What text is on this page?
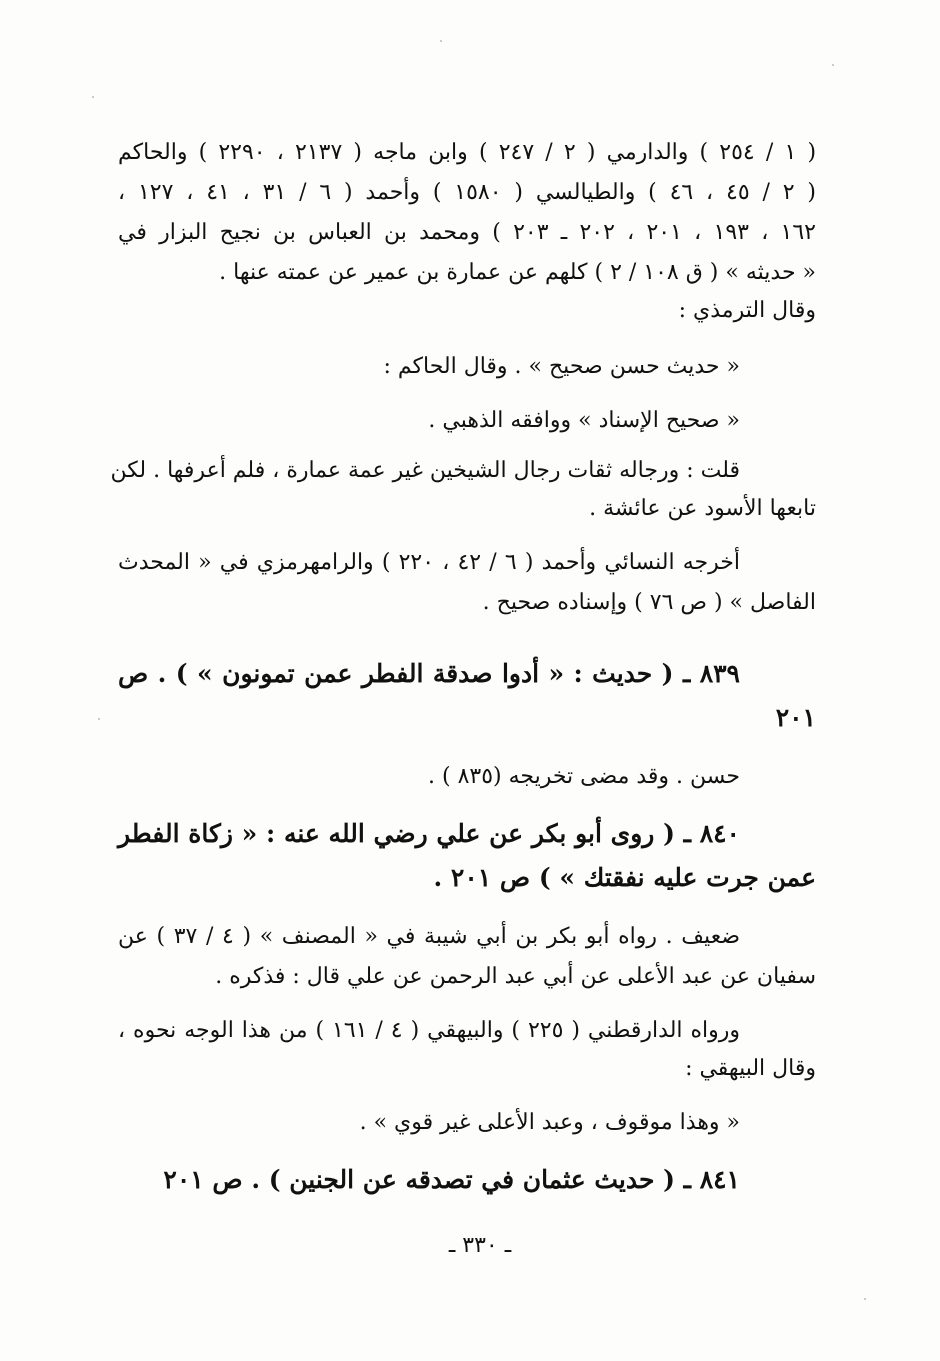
( ١ / ٢٥٤ ) والدارمي ( ٢ / ٢٤٧ ) وابن ماجه ( ٢١٣٧ ، ٢٢٩٠ ) والحاكم
( ٢ / ٤٥ ، ٤٦ ) والطيالسي ( ١٥٨٠ ) وأحمد ( ٦ / ٣١ ، ٤١ ، ١٢٧ ،
١٦٢ ، ١٩٣ ، ٢٠١ ، ٢٠٢ ـ ٢٠٣ ) ومحمد بن العباس بن نجيح البزار في
« حديثه » ( ق ١٠٨ / ٢ ) كلهم عن عمارة بن عمير عن عمته عنها .
وقال الترمذي :
« حديث حسن صحيح » . وقال الحاكم :
« صحيح الإسناد » ووافقه الذهبي .
قلت : ورجاله ثقات رجال الشيخين غير عمة عمارة ، فلم أعرفها . لكن
تابعها الأسود عن عائشة .
أخرجه النسائي وأحمد ( ٦ / ٤٢ ، ٢٢٠ ) والرامهرمزي في « المحدث
الفاصل » ( ص ٧٦ ) وإسناده صحيح .
٨٣٩ ـ ( حديث : « أدوا صدقة الفطر عمن تمونون » ) . ص
٢٠١
حسن . وقد مضى تخريجه (٨٣٥ ) .
٨٤٠ ـ ( روى أبو بكر عن علي رضي الله عنه : « زكاة الفطر
عمن جرت عليه نفقتك » ) ص ٢٠١ .
ضعيف . رواه أبو بكر بن أبي شيبة في « المصنف » ( ٤ / ٣٧ ) عن
سفيان عن عبد الأعلى عن أبي عبد الرحمن عن علي قال : فذكره .
ورواه الدارقطني ( ٢٢٥ ) والبيهقي ( ٤ / ١٦١ ) من هذا الوجه نحوه ،
وقال البيهقي :
« وهذا موقوف ، وعبد الأعلى غير قوي » .
٨٤١ ـ ( حديث عثمان في تصدقه عن الجنين ) . ص ٢٠١
ـ ٣٣٠ ـ
